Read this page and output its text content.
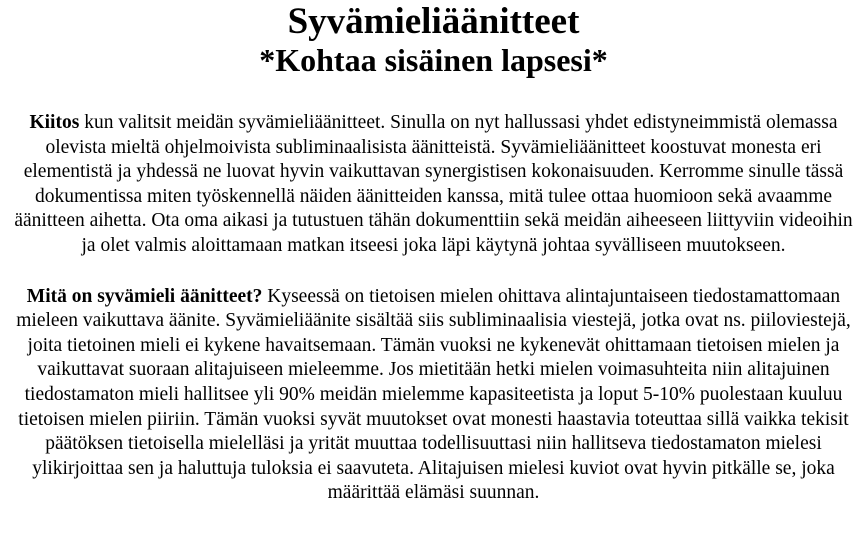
Syvämieliäänitteet
*Kohtaa sisäinen lapsesi*

Kiitos kun valitsit meidän syvämieliäänitteet. Sinulla on nyt hallussasi yhdet edistyneimmistä olemassa olevista mieltä ohjelmoivista subliminaalisista äänitteistä. Syvämieliäänitteet koostuvat monesta eri elementistä ja yhdessä ne luovat hyvin vaikuttavan synergistisen kokonaisuuden. Kerromme sinulle tässä dokumentissa miten työskennellä näiden äänitteiden kanssa, mitä tulee ottaa huomioon sekä avaamme äänitteen aihetta. Ota oma aikasi ja tutustuen tähän dokumenttiin sekä meidän aiheeseen liittyviin videoihin ja olet valmis aloittamaan matkan itseesi joka läpi käytynä johtaa syvälliseen muutokseen.

Mitä on syvämieli äänitteet? Kyseessä on tietoisen mielen ohittava alintajuntaiseen tiedostamattomaan mieleen vaikuttava äänite. Syvämieliäänite sisältää siis subliminaalisia viestejä, jotka ovat ns. piiloviestejä, joita tietoinen mieli ei kykene havaitsemaan. Tämän vuoksi ne kykenevät ohittamaan tietoisen mielen ja vaikuttavat suoraan alitajuiseen mieleemme. Jos mietitään hetki mielen voimasuhteita niin alitajuinen tiedostamaton mieli hallitsee yli 90% meidän mielemme kapasiteetista ja loput 5-10% puolestaan kuuluu tietoisen mielen piiriin. Tämän vuoksi syvät muutokset ovat monesti haastavia toteuttaa sillä vaikka tekisit päätöksen tietoisella mielelläsi ja yrität muuttaa todellisuuttasi niin hallitseva tiedostamaton mielesi ylikirjoittaa sen ja haluttuja tuloksia ei saavuteta. Alitajuisen mielesi kuviot ovat hyvin pitkälle se, joka määrittää elämäsi suunnan.
